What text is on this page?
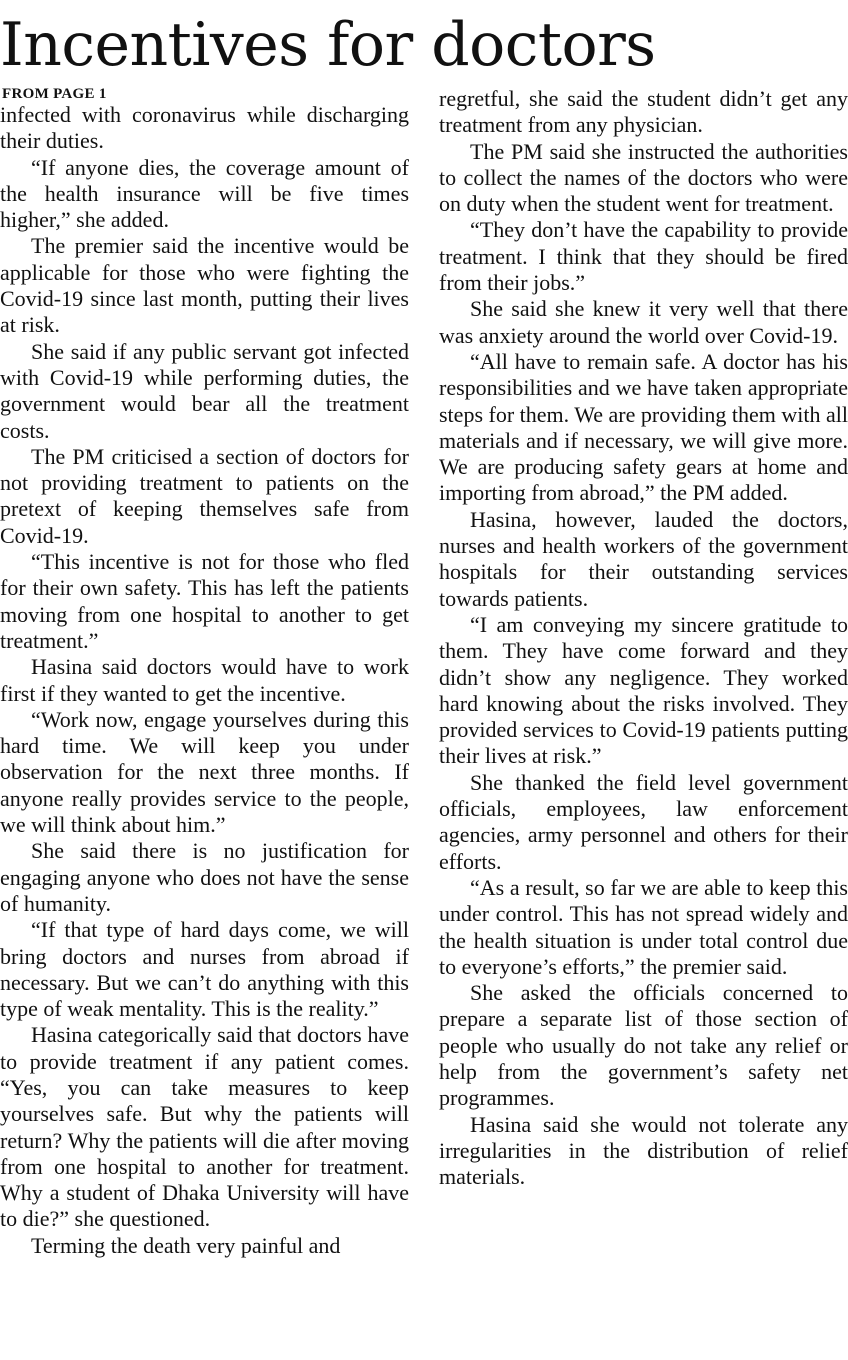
Incentives for doctors
FROM PAGE 1

infected with coronavirus while discharging their duties.

“If anyone dies, the coverage amount of the health insurance will be five times higher,” she added.

The premier said the incentive would be applicable for those who were fighting the Covid-19 since last month, putting their lives at risk.

She said if any public servant got infected with Covid-19 while performing duties, the government would bear all the treatment costs.

The PM criticised a section of doctors for not providing treatment to patients on the pretext of keeping themselves safe from Covid-19.

“This incentive is not for those who fled for their own safety. This has left the patients moving from one hospital to another to get treatment.”

Hasina said doctors would have to work first if they wanted to get the incentive.

“Work now, engage yourselves during this hard time. We will keep you under observation for the next three months. If anyone really provides service to the people, we will think about him.”

She said there is no justification for engaging anyone who does not have the sense of humanity.

“If that type of hard days come, we will bring doctors and nurses from abroad if necessary. But we can’t do anything with this type of weak mentality. This is the reality.”

Hasina categorically said that doctors have to provide treatment if any patient comes. “Yes, you can take measures to keep yourselves safe. But why the patients will return? Why the patients will die after moving from one hospital to another for treatment. Why a student of Dhaka University will have to die?” she questioned.

Terming the death very painful and

regretful, she said the student didn’t get any treatment from any physician.

The PM said she instructed the authorities to collect the names of the doctors who were on duty when the student went for treatment.

“They don’t have the capability to provide treatment. I think that they should be fired from their jobs.”

She said she knew it very well that there was anxiety around the world over Covid-19.

“All have to remain safe. A doctor has his responsibilities and we have taken appropriate steps for them. We are providing them with all materials and if necessary, we will give more. We are producing safety gears at home and importing from abroad,” the PM added.

Hasina, however, lauded the doctors, nurses and health workers of the government hospitals for their outstanding services towards patients.

“I am conveying my sincere gratitude to them. They have come forward and they didn’t show any negligence. They worked hard knowing about the risks involved. They provided services to Covid-19 patients putting their lives at risk.”

She thanked the field level government officials, employees, law enforcement agencies, army personnel and others for their efforts.

“As a result, so far we are able to keep this under control. This has not spread widely and the health situation is under total control due to everyone’s efforts,” the premier said.

She asked the officials concerned to prepare a separate list of those section of people who usually do not take any relief or help from the government’s safety net programmes.

Hasina said she would not tolerate any irregularities in the distribution of relief materials.
